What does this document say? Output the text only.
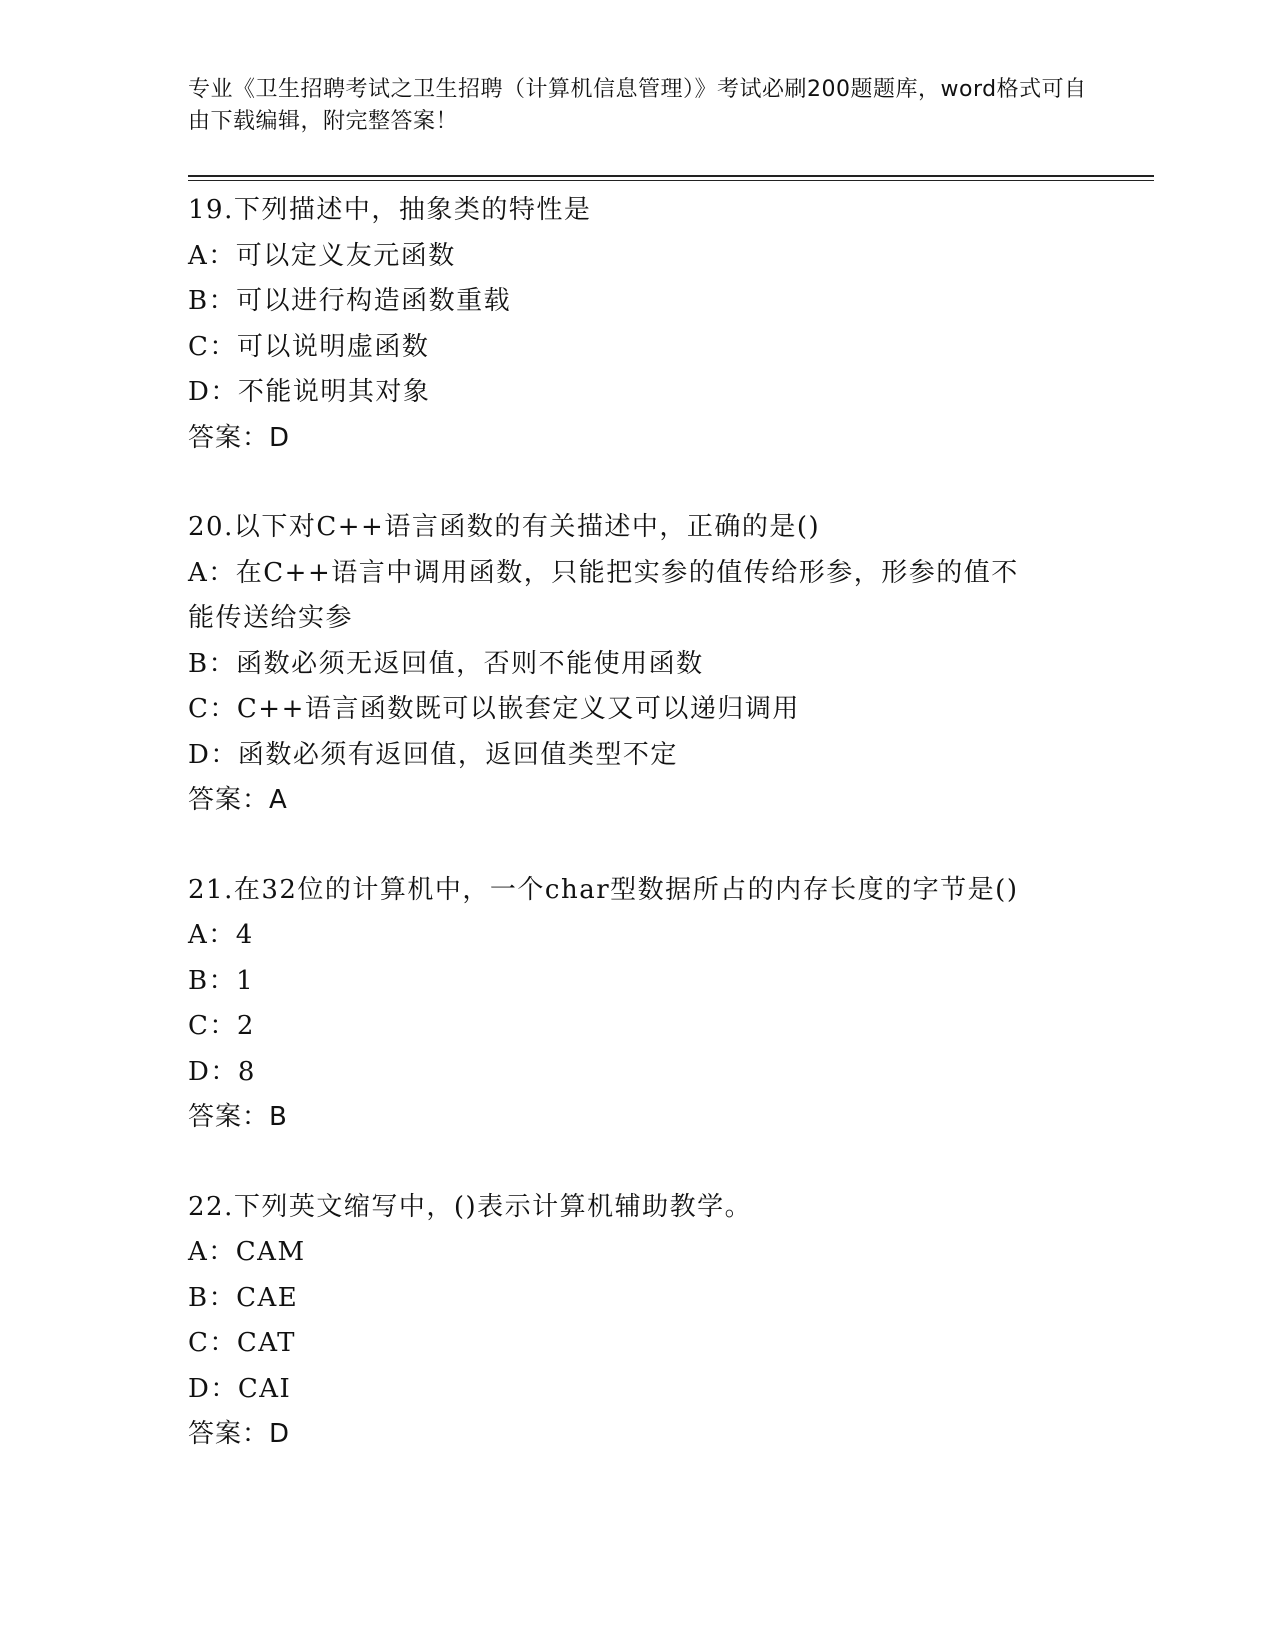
专业《卫生招聘考试之卫生招聘（计算机信息管理）》考试必刷200题题库，word格式可自由下载编辑，附完整答案！
19.下列描述中，抽象类的特性是
A：可以定义友元函数
B：可以进行构造函数重载
C：可以说明虚函数
D：不能说明其对象
答案：D
20.以下对C++语言函数的有关描述中，正确的是()
A：在C++语言中调用函数，只能把实参的值传给形参，形参的值不能传送给实参
B：函数必须无返回值，否则不能使用函数
C：C++语言函数既可以嵌套定义又可以递归调用
D：函数必须有返回值，返回值类型不定
答案：A
21.在32位的计算机中，一个char型数据所占的内存长度的字节是()
A：4
B：1
C：2
D：8
答案：B
22.下列英文缩写中，()表示计算机辅助教学。
A：CAM
B：CAE
C：CAT
D：CAI
答案：D
